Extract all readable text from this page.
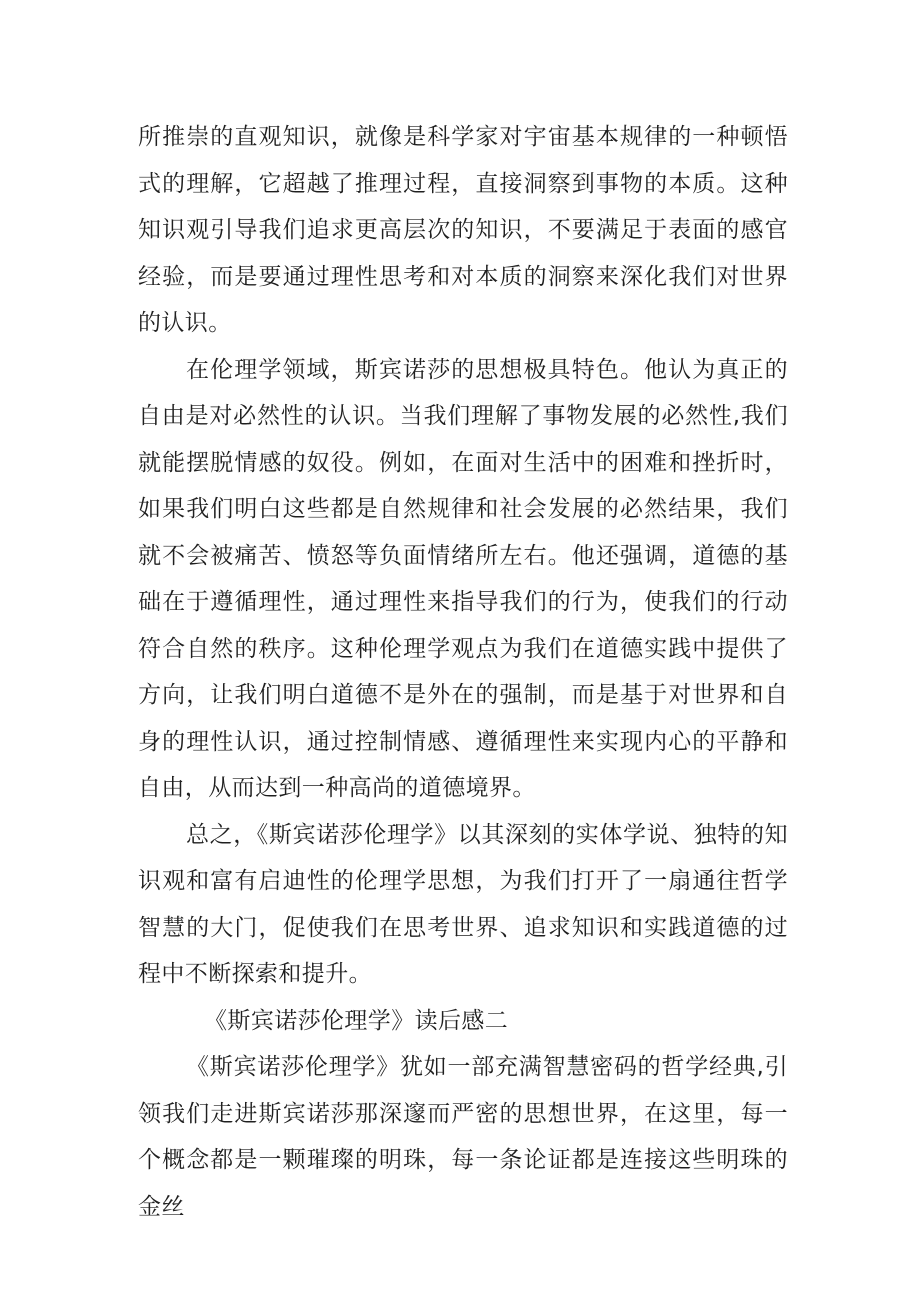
所推崇的直观知识，就像是科学家对宇宙基本规律的一种顿悟式的理解，它超越了推理过程，直接洞察到事物的本质。这种知识观引导我们追求更高层次的知识，不要满足于表面的感官经验，而是要通过理性思考和对本质的洞察来深化我们对世界的认识。

在伦理学领域，斯宾诺莎的思想极具特色。他认为真正的自由是对必然性的认识。当我们理解了事物发展的必然性,我们就能摆脱情感的奴役。例如，在面对生活中的困难和挫折时，如果我们明白这些都是自然规律和社会发展的必然结果，我们就不会被痛苦、愤怒等负面情绪所左右。他还强调，道德的基础在于遵循理性，通过理性来指导我们的行为，使我们的行动符合自然的秩序。这种伦理学观点为我们在道德实践中提供了方向，让我们明白道德不是外在的强制，而是基于对世界和自身的理性认识，通过控制情感、遵循理性来实现内心的平静和自由，从而达到一种高尚的道德境界。

总之，《斯宾诺莎伦理学》以其深刻的实体学说、独特的知识观和富有启迪性的伦理学思想，为我们打开了一扇通往哲学智慧的大门，促使我们在思考世界、追求知识和实践道德的过程中不断探索和提升。

《斯宾诺莎伦理学》读后感二

《斯宾诺莎伦理学》犹如一部充满智慧密码的哲学经典,引领我们走进斯宾诺莎那深邃而严密的思想世界，在这里，每一个概念都是一颗璀璨的明珠，每一条论证都是连接这些明珠的金丝
